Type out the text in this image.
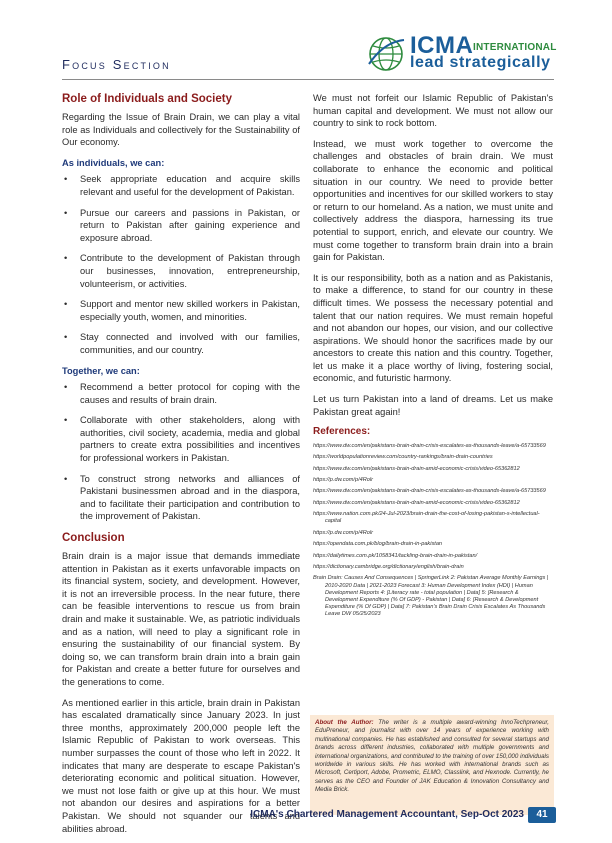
Focus Section
ICMA INTERNATIONAL
lead strategically
Role of Individuals and Society

Regarding the Issue of Brain Drain, we can play a vital role as Individuals and collectively for the Sustainability of Our economy.

As individuals, we can:
• Seek appropriate education and acquire skills relevant and useful for the development of Pakistan.
• Pursue our careers and passions in Pakistan, or return to Pakistan after gaining experience and exposure abroad.
• Contribute to the development of Pakistan through our businesses, innovation, entrepreneurship, volunteerism, or activities.
• Support and mentor new skilled workers in Pakistan, especially youth, women, and minorities.
• Stay connected and involved with our families, communities, and our country.
Together, we can:
• Recommend a better protocol for coping with the causes and results of brain drain.
• Collaborate with other stakeholders, along with authorities, civil society, academia, media and global partners to create extra possibilities and incentives for professional workers in Pakistan.
• To construct strong networks and alliances of Pakistani businessmen abroad and in the diaspora, and to facilitate their participation and contribution to the improvement of Pakistan.
Conclusion

Brain drain is a major issue that demands immediate attention in Pakistan as it exerts unfavorable impacts on its financial system, society, and development. However, it is not an irreversible process. In the near future, there can be feasible interventions to rescue us from brain drain and make it sustainable. We, as patriotic individuals and as a nation, will need to play a significant role in ensuring the sustainability of our financial system. By doing so, we can transform brain drain into a brain gain for Pakistan and create a better future for ourselves and the generations to come.

As mentioned earlier in this article, brain drain in Pakistan has escalated dramatically since January 2023. In just three months, approximately 200,000 people left the Islamic Republic of Pakistan to work overseas. This number surpasses the count of those who left in 2022. It indicates that many are desperate to escape Pakistan's deteriorating economic and political situation. However, we must not lose faith or give up at this hour. We must not abandon our desires and aspirations for a better Pakistan. We should not squander our talents and abilities abroad.

We must not forfeit our Islamic Republic of Pakistan's human capital and development. We must not allow our country to sink to rock bottom.

Instead, we must work together to overcome the challenges and obstacles of brain drain. We must collaborate to enhance the economic and political situation in our country. We need to provide better opportunities and incentives for our skilled workers to stay or return to our homeland. As a nation, we must unite and collectively address the diaspora, harnessing its true potential to support, enrich, and elevate our country. We must come together to transform brain drain into a brain gain for Pakistan.

It is our responsibility, both as a nation and as Pakistanis, to make a difference, to stand for our country in these difficult times. We possess the necessary potential and talent that our nation requires. We must remain hopeful and not abandon our hopes, our vision, and our collective aspirations. We should honor the sacrifices made by our ancestors to create this nation and this country. Together, let us make it a place worthy of living, fostering social, economic, and futuristic harmony.

Let us turn Pakistan into a land of dreams. Let us make Pakistan great again!

References:
https://www.dw.com/en/pakistans-brain-drain-crisis-escalates-as-thousands-leave/a-65733569
https://worldpopulationreview.com/country-rankings/brain-drain-countries
https://www.dw.com/en/pakistans-brain-drain-amid-economic-crisis/video-65362812
https://p.dw.com/p/4Rolr
https://www.dw.com/en/pakistans-brain-drain-crisis-escalates-as-thousands-leave/a-65733569
https://www.dw.com/en/pakistans-brain-drain-amid-economic-crisis/video-65362812
https://www.nation.com.pk/24-Jul-2023/brain-drain-the-cost-of-losing-pakistan-s-intellectual-capital
https://p.dw.com/p/4Rolr
https://opendata.com.pk/blog/brain-drain-in-pakistan
https://dailytimes.com.pk/1058341/tackling-brain-drain-in-pakistan/
https://dictionary.cambridge.org/dictionary/english/brain-drain
Brain Drain: Causes And Consequences | SpringerLink 2: Pakistan Average Monthly Earnings | 2010-2020 Data | 2021-2023 Forecast 3: Human Development Index (HDI) | Human Development Reports 4: [Literacy rate - total population | Data] 5: [Research & Development Expenditure (% Of GDP) - Pakistan | Data] 6: [Research & Development Expenditure (% Of GDP) | Data] 7: Pakistan's Brain Drain Crisis Escalates As Thousands Leave DW 05/25/2023
About the Author: The writer is a multiple award-winning InnoTechpreneur, EduPreneur, and journalist with over 14 years of experience working with multinational companies. He has established and consulted for several startups and brands across different industries, collaborated with multiple governments and international organizations, and contributed to the training of over 150,000 individuals worldwide in various skills. He has worked with international brands such as Microsoft, Certiport, Adobe, Prometric, ELMO, Classlink, and Hexnode. Currently, he serves as the CEO and Founder of JAK Education & Innovation Consultancy and Media Brick.
ICMA's Chartered Management Accountant, Sep-Oct 2023	41
